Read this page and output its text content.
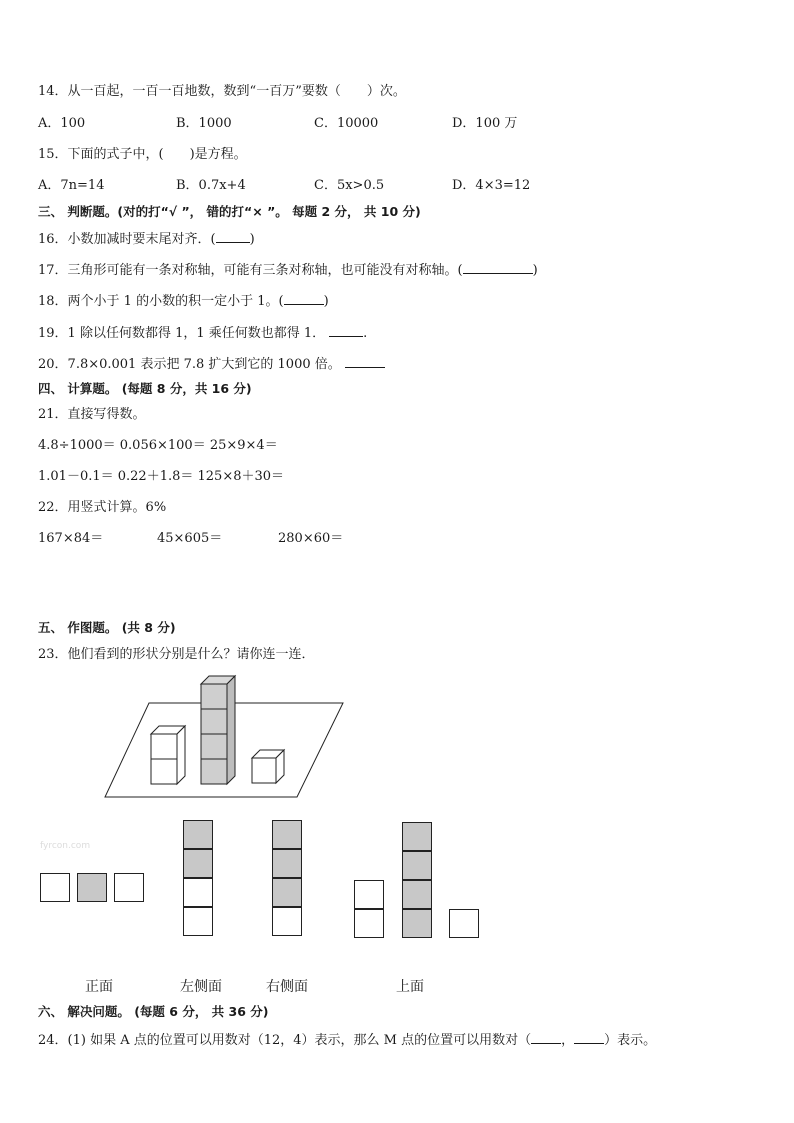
14．从一百起，一百一百地数，数到“一百万”要数（　　）次。
A．100	B．1000	C．10000	D．100 万
15．下面的式子中，(　　)是方程。
A．7n=14	B．0.7x+4	C．5x>0.5	D．4×3=12
三、 判断题。(对的打“√ ”， 错的打“× ”。 每题 2 分， 共 10 分)
16．小数加减时要末尾对齐．(	)
17．三角形可能有一条对称轴，可能有三条对称轴，也可能没有对称轴。(	)
18．两个小于 1 的小数的积一定小于 1。(	)
19．1 除以任何数都得 1，1 乘任何数也都得 1．	.
20．7.8×0.001 表示把 7.8 扩大到它的 1000 倍。
四、 计算题。 (每题 8 分，共 16 分)
21．直接写得数。
4.8÷1000＝ 0.056×100＝ 25×9×4＝
1.01－0.1＝ 0.22＋1.8＝ 125×8＋30＝
22．用竖式计算。6%
167×84＝	45×605＝	280×60＝
五、 作图题。 (共 8 分)
23．他们看到的形状分别是什么？请你连一连．
fyrcon.com
正面	左侧面	右侧面	上面
六、 解决问题。 (每题 6 分， 共 36 分)
24．(1) 如果 A 点的位置可以用数对（12，4）表示，那么 M 点的位置可以用数对（ ， ）表示。
